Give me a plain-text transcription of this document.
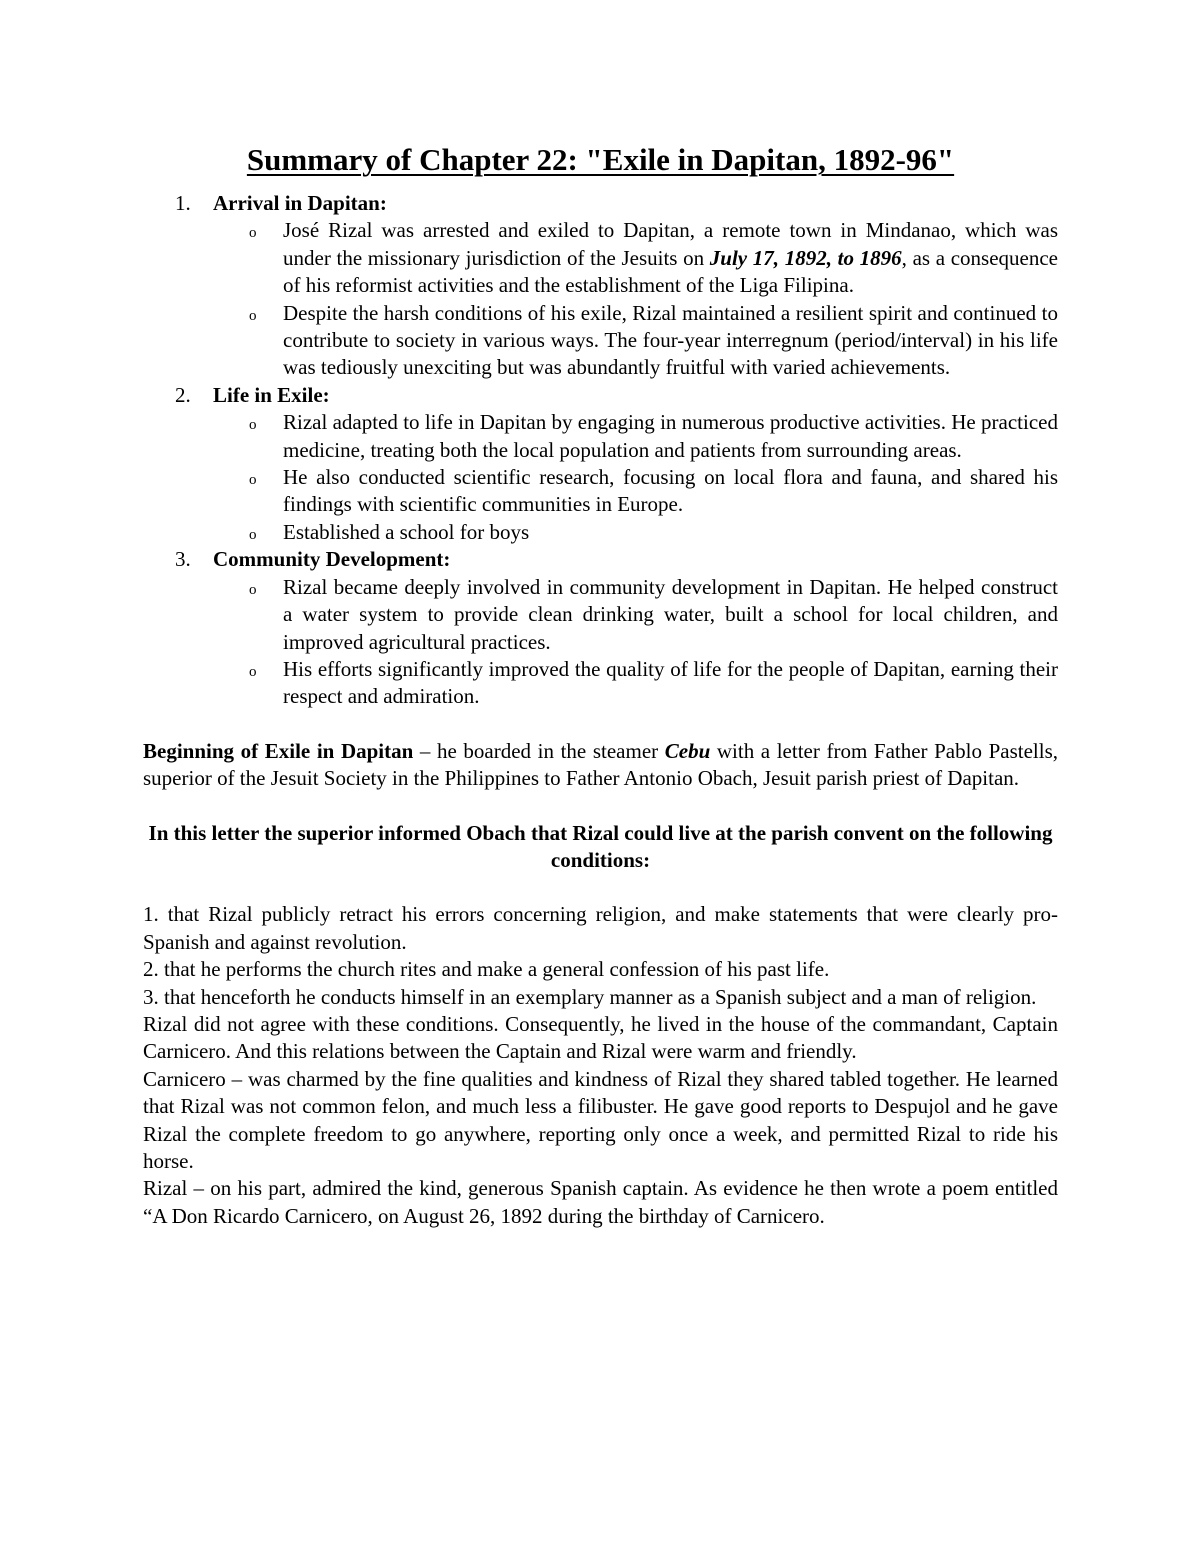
Summary of Chapter 22: "Exile in Dapitan, 1892-96"
1. Arrival in Dapitan:
o José Rizal was arrested and exiled to Dapitan, a remote town in Mindanao, which was under the missionary jurisdiction of the Jesuits on July 17, 1892, to 1896, as a consequence of his reformist activities and the establishment of the Liga Filipina.
o Despite the harsh conditions of his exile, Rizal maintained a resilient spirit and continued to contribute to society in various ways. The four-year interregnum (period/interval) in his life was tediously unexciting but was abundantly fruitful with varied achievements.
2. Life in Exile:
o Rizal adapted to life in Dapitan by engaging in numerous productive activities. He practiced medicine, treating both the local population and patients from surrounding areas.
o He also conducted scientific research, focusing on local flora and fauna, and shared his findings with scientific communities in Europe.
o Established a school for boys
3. Community Development:
o Rizal became deeply involved in community development in Dapitan. He helped construct a water system to provide clean drinking water, built a school for local children, and improved agricultural practices.
o His efforts significantly improved the quality of life for the people of Dapitan, earning their respect and admiration.

Beginning of Exile in Dapitan – he boarded in the steamer Cebu with a letter from Father Pablo Pastells, superior of the Jesuit Society in the Philippines to Father Antonio Obach, Jesuit parish priest of Dapitan.

In this letter the superior informed Obach that Rizal could live at the parish convent on the following conditions:

1. that Rizal publicly retract his errors concerning religion, and make statements that were clearly pro-Spanish and against revolution.

2. that he performs the church rites and make a general confession of his past life.

3. that henceforth he conducts himself in an exemplary manner as a Spanish subject and a man of religion.

Rizal did not agree with these conditions. Consequently, he lived in the house of the commandant, Captain Carnicero. And this relations between the Captain and Rizal were warm and friendly.

Carnicero – was charmed by the fine qualities and kindness of Rizal they shared tabled together. He learned that Rizal was not common felon, and much less a filibuster. He gave good reports to Despujol and he gave Rizal the complete freedom to go anywhere, reporting only once a week, and permitted Rizal to ride his horse.

Rizal – on his part, admired the kind, generous Spanish captain. As evidence he then wrote a poem entitled “A Don Ricardo Carnicero, on August 26, 1892 during the birthday of Carnicero.
